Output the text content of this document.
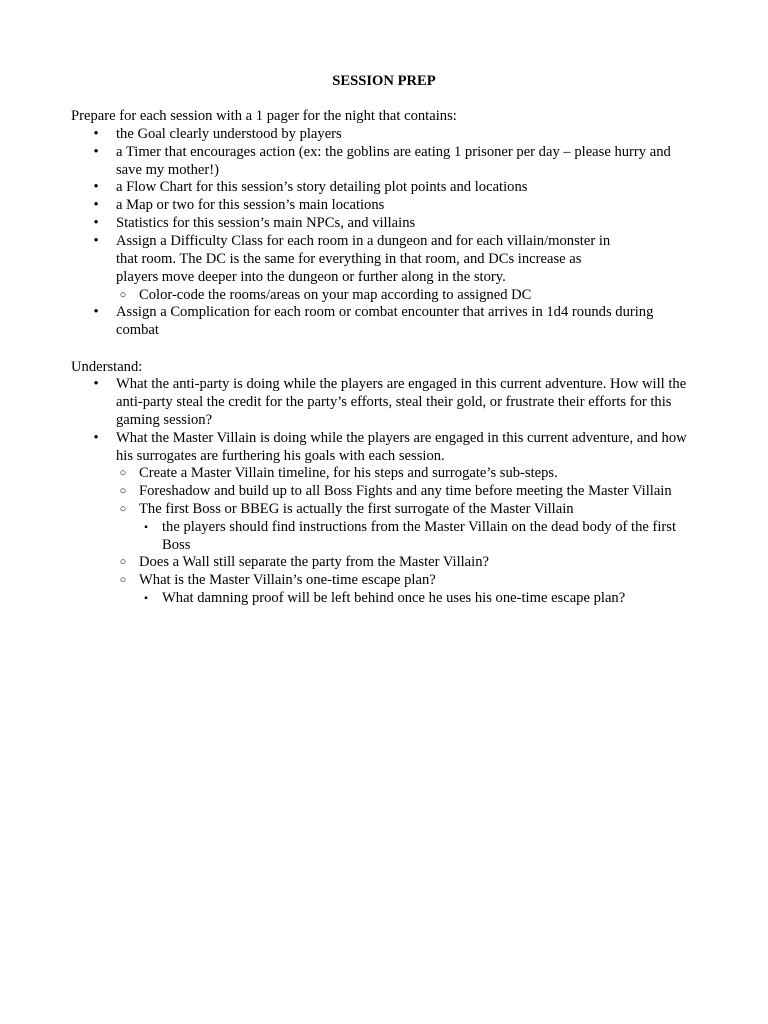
SESSION PREP
Prepare for each session with a 1 pager for the night that contains:
•	the Goal clearly understood by players
•	a Timer that encourages action (ex: the goblins are eating 1 prisoner per day – please hurry and save my mother!)
•	a Flow Chart for this session’s story detailing plot points and locations
•	a Map or two for this session’s main locations
•	Statistics for this session’s main NPCs, and villains
•	Assign a Difficulty Class for each room in a dungeon and for each villain/monster in
that room. The DC is the same for everything in that room, and DCs increase as
players move deeper into the dungeon or further along in the story.
○ Color-code the rooms/areas on your map according to assigned DC
•	Assign a Complication for each room or combat encounter that arrives in 1d4 rounds during combat
Understand:
•	What the anti-party is doing while the players are engaged in this current adventure. How will the anti-party steal the credit for the party’s efforts, steal their gold, or frustrate their efforts for this gaming session?
•	What the Master Villain is doing while the players are engaged in this current adventure, and how his surrogates are furthering his goals with each session.
○ Create a Master Villain timeline, for his steps and surrogate’s sub-steps.
○ Foreshadow and build up to all Boss Fights and any time before meeting the Master Villain
○ The first Boss or BBEG is actually the first surrogate of the Master Villain
▪ the players should find instructions from the Master Villain on the dead body of the first Boss
○ Does a Wall still separate the party from the Master Villain?
○ What is the Master Villain’s one-time escape plan?
▪ What damning proof will be left behind once he uses his one-time escape plan?
